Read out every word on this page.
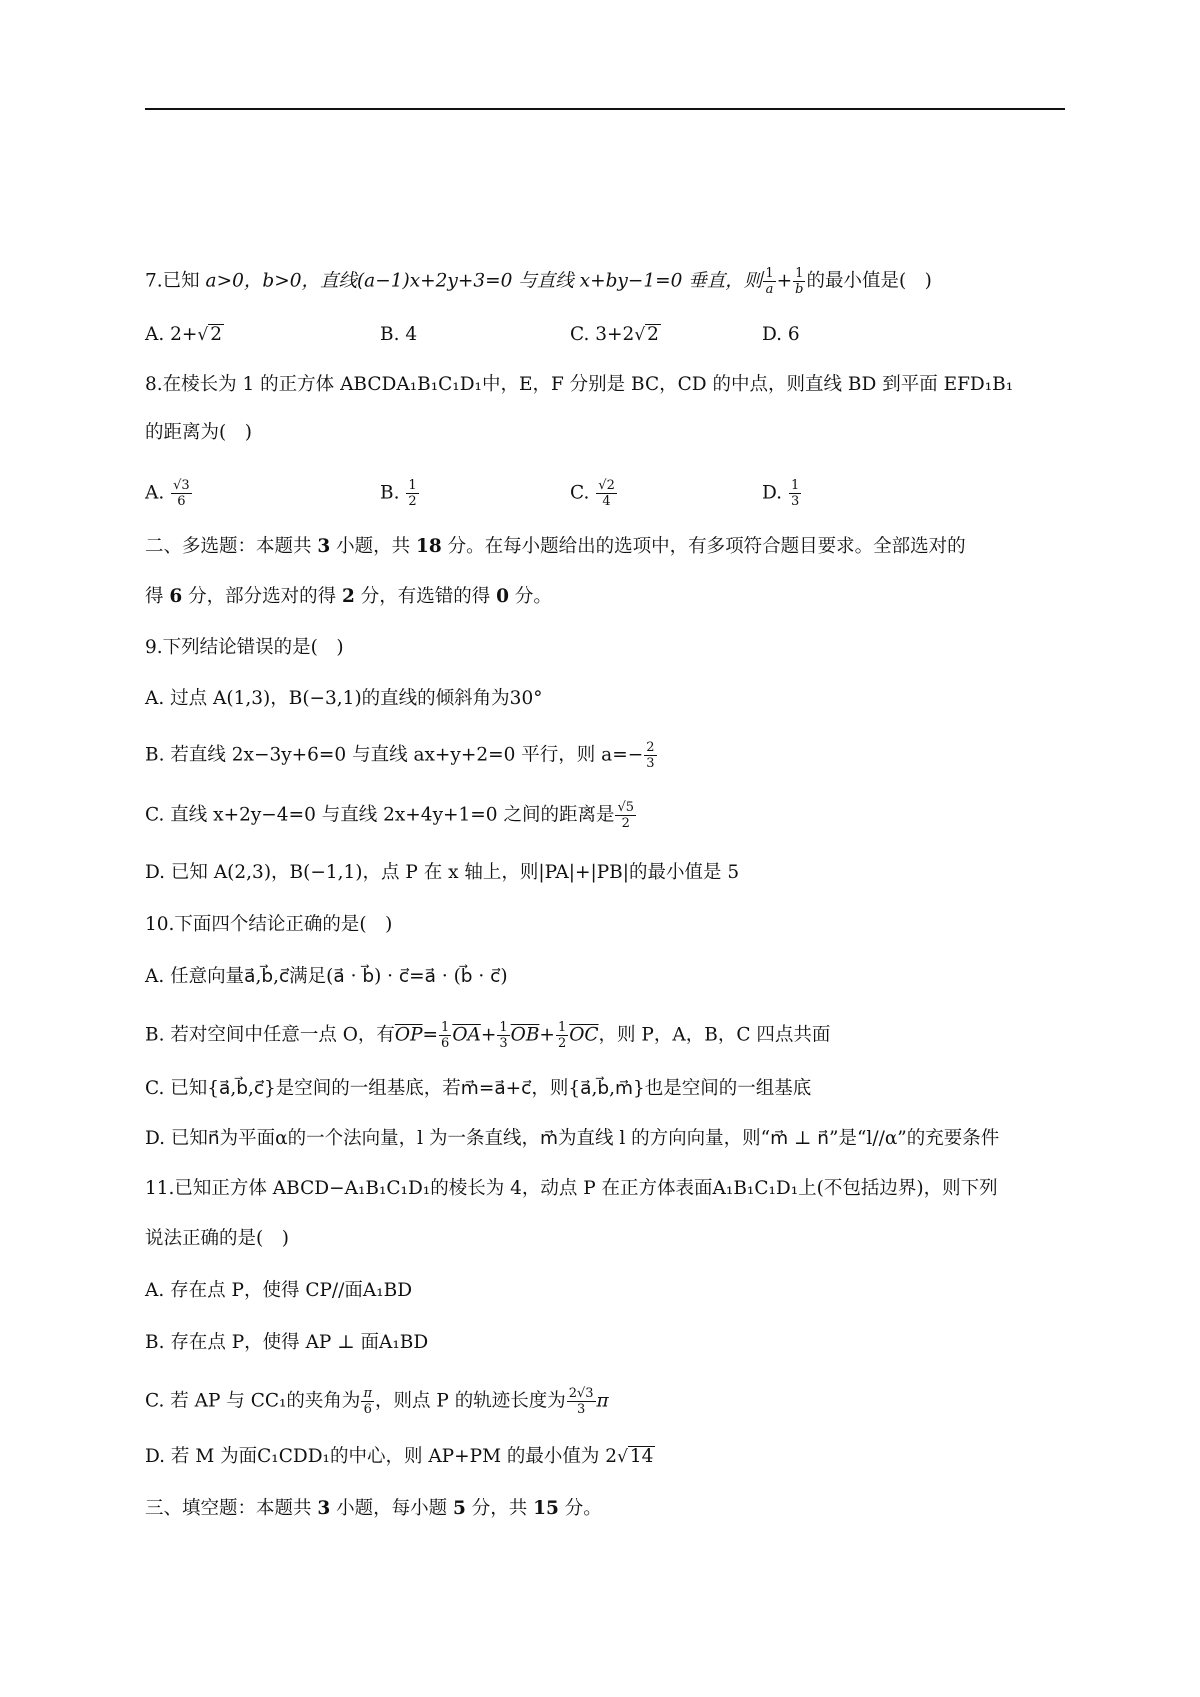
7.已知 a>0，b>0，直线(a−1)x+2y+3=0 与直线 x+by−1=0 垂直，则 $\frac{1}{a} + \frac{1}{b}$ 的最小值是(　)
A. 2+√ 2	B. 4	C. 3+2√ 2	D. 6
8.在棱长为 1 的正方体 ABCDA₁B₁C₁D₁中，E，F 分别是 BC，CD 的中点，则直线 BD 到平面 EFD₁B₁
的距离为(　)
A. $\frac{√3}{6}$	B. $\frac{1}{2}$	C. $\frac{√2}{4}$	D. $\frac{1}{3}$
二、多选题：本题共 3 小题，共 18 分。在每小题给出的选项中，有多项符合题目要求。全部选对的
得 6 分，部分选对的得 2 分，有选错的得 0 分。
9.下列结论错误的是(　)
A. 过点 A(1,3)，B(−3,1)的直线的倾斜角为30°
B. 若直线 2x−3y+6=0 与直线 ax+y+2=0 平行，则 $a=- \frac{2}{3}$
C. 直线 x+2y−4=0 与直线 2x+4y+1=0 之间的距离是 $\frac{√5}{2}$
D. 已知 A(2,3)，B(−1,1)，点 P 在 x 轴上，则|PA|+|PB|的最小值是 5
10.下面四个结论正确的是(　)
A. 任意向量a⃗,b⃗,c⃗满足(a⃗ · b⃗) · c⃗=a⃗ · (b⃗ · c⃗)
B. 若对空间中任意一点 O，有$\overline{OP}= \frac{1}{6} \overline{OA}+ \frac{1}{3} \overline{OB}+ \frac{1}{2} \overline{OC}$，则 P，A，B，C 四点共面
C. 已知{a⃗,b⃗,c⃗}是空间的一组基底，若m⃗=a⃗+c⃗，则{a⃗,b⃗,m⃗}也是空间的一组基底
D. 已知n⃗为平面α的一个法向量，l 为一条直线，m⃗为直线 l 的方向向量，则“m⃗ ⊥ n⃗”是“l//α”的充要条件
11.已知正方体 ABCD−A₁B₁C₁D₁的棱长为 4，动点 P 在正方体表面A₁B₁C₁D₁上(不包括边界)，则下列
说法正确的是(　)
A. 存在点 P，使得 CP//面A₁BD
B. 存在点 P，使得 AP ⊥ 面A₁BD
C. 若 AP 与 CC₁的夹角为 $\frac{\pi}{6}$ ，则点 P 的轨迹长度为 $\frac{2√3}{3}$ π
D. 若 M 为面C₁CDD₁的中心，则 AP+PM 的最小值为 2√ 14
三、填空题：本题共 3 小题，每小题 5 分，共 15 分。
